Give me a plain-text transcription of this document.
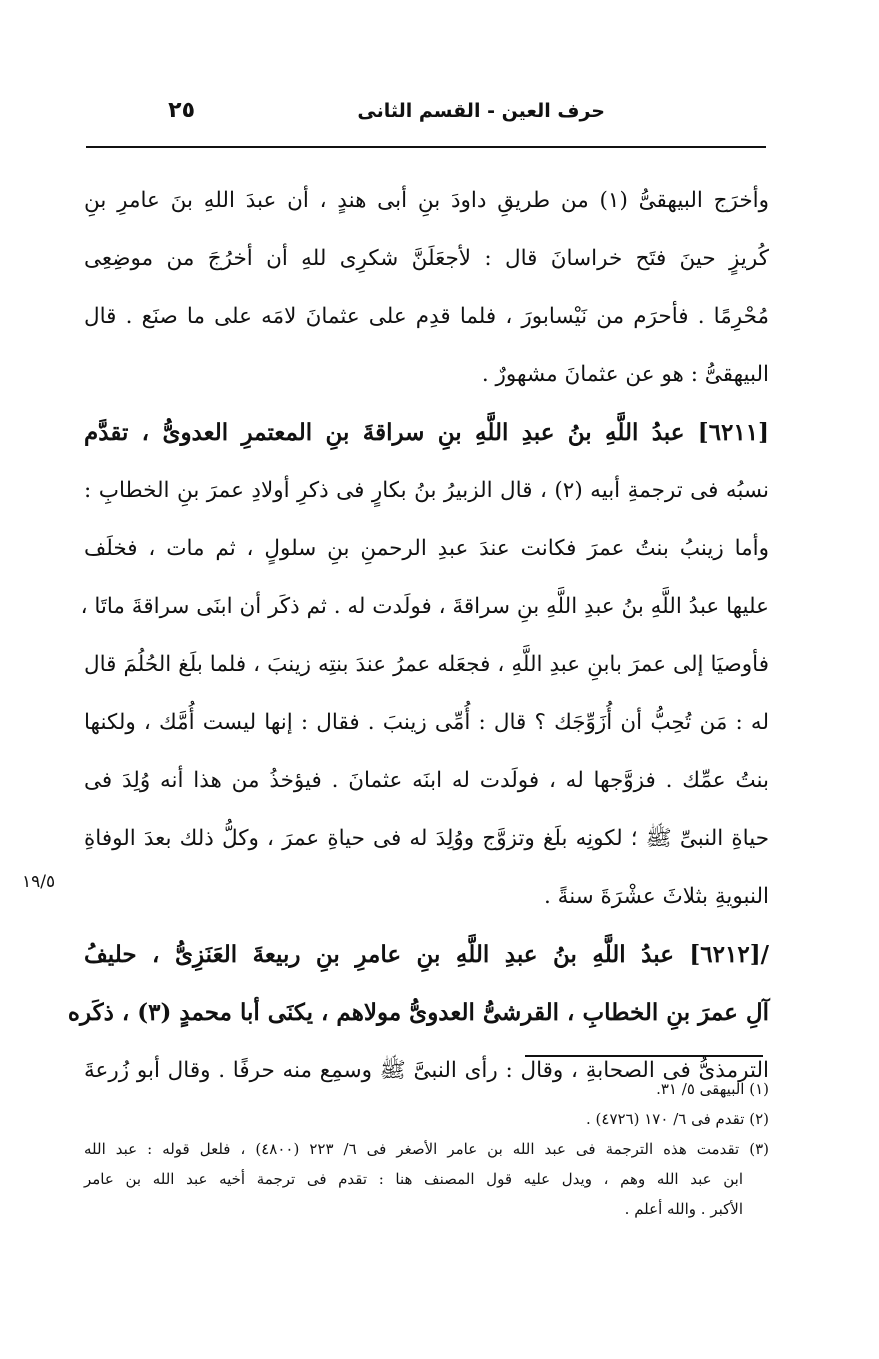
حرف العين - القسم الثانى
٢٥
١٩/٥
وأخرَج البيهقىُّ (١) من طريقِ داودَ بنِ أبى هندٍ ، أن عبدَ اللهِ بنَ عامرِ بنِ
كُريزٍ حينَ فتَح خراسانَ قال : لأجعَلَنَّ شكرِى للهِ أن أخرُجَ من موضِعِى
مُحْرِمًا . فأحرَم من نَيْسابورَ ، فلما قدِم على عثمانَ لامَه على ما صنَع . قال
البيهقىُّ : هو عن عثمانَ مشهورٌ .
[٦٢١١] عبدُ اللَّهِ بنُ عبدِ اللَّهِ بنِ سراقةَ بنِ المعتمرِ العدوىُّ ، تقدَّم
نسبُه فى ترجمةِ أبيه (٢) ، قال الزبيرُ بنُ بكارٍ فى ذكرِ أولادِ عمرَ بنِ الخطابِ :
وأما زينبُ بنتُ عمرَ فكانت عندَ عبدِ الرحمنِ بنِ سلولٍ ، ثم مات ، فخلَف
عليها عبدُ اللَّهِ بنُ عبدِ اللَّهِ بنِ سراقةَ ، فولَدت له . ثم ذكَر أن ابنَى سراقةَ ماتَا ،
فأوصيَا إلى عمرَ بابنِ عبدِ اللَّهِ ، فجعَله عمرُ عندَ بنتِه زينبَ ، فلما بلَغ الحُلُمَ قال
له : مَن تُحِبُّ أن أُزَوِّجَك ؟ قال : أُمِّى زينبَ . فقال : إنها ليست أُمَّك ، ولكنها
بنتُ عمِّك . فزوَّجها له ، فولَدت له ابنَه عثمانَ . فيؤخذُ من هذا أنه وُلِدَ فى
حياةِ النبىِّ ﷺ ؛ لكونِه بلَغ وتزوَّج ووُلِدَ له فى حياةِ عمرَ ، وكلُّ ذلك بعدَ الوفاةِ
النبويةِ بثلاثَ عشْرَةَ سنةً .
/[٦٢١٢] عبدُ اللَّهِ بنُ عبدِ اللَّهِ بنِ عامرِ بنِ ربيعةَ العَنَزِىُّ ، حليفُ
آلِ عمرَ بنِ الخطابِ ، القرشىُّ العدوىُّ مولاهم ، يكنَى أبا محمدٍ (٣) ، ذكَره
الترمذىُّ فى الصحابةِ ، وقال : رأى النبىَّ ﷺ وسمِع منه حرفًا . وقال أبو زُرعةَ
(١) البيهقى ٥/ ٣١.
(٢) تقدم فى ٦/ ١٧٠ (٤٧٢٦) .
(٣) تقدمت هذه الترجمة فى عبد الله بن عامر الأصغر فى ٦/ ٢٢٣ (٤٨٠٠) ، فلعل قوله : عبد الله
ابن عبد الله وهم ، ويدل عليه قول المصنف هنا : تقدم فى ترجمة أخيه عبد الله بن عامر
الأكبر . والله أعلم .
